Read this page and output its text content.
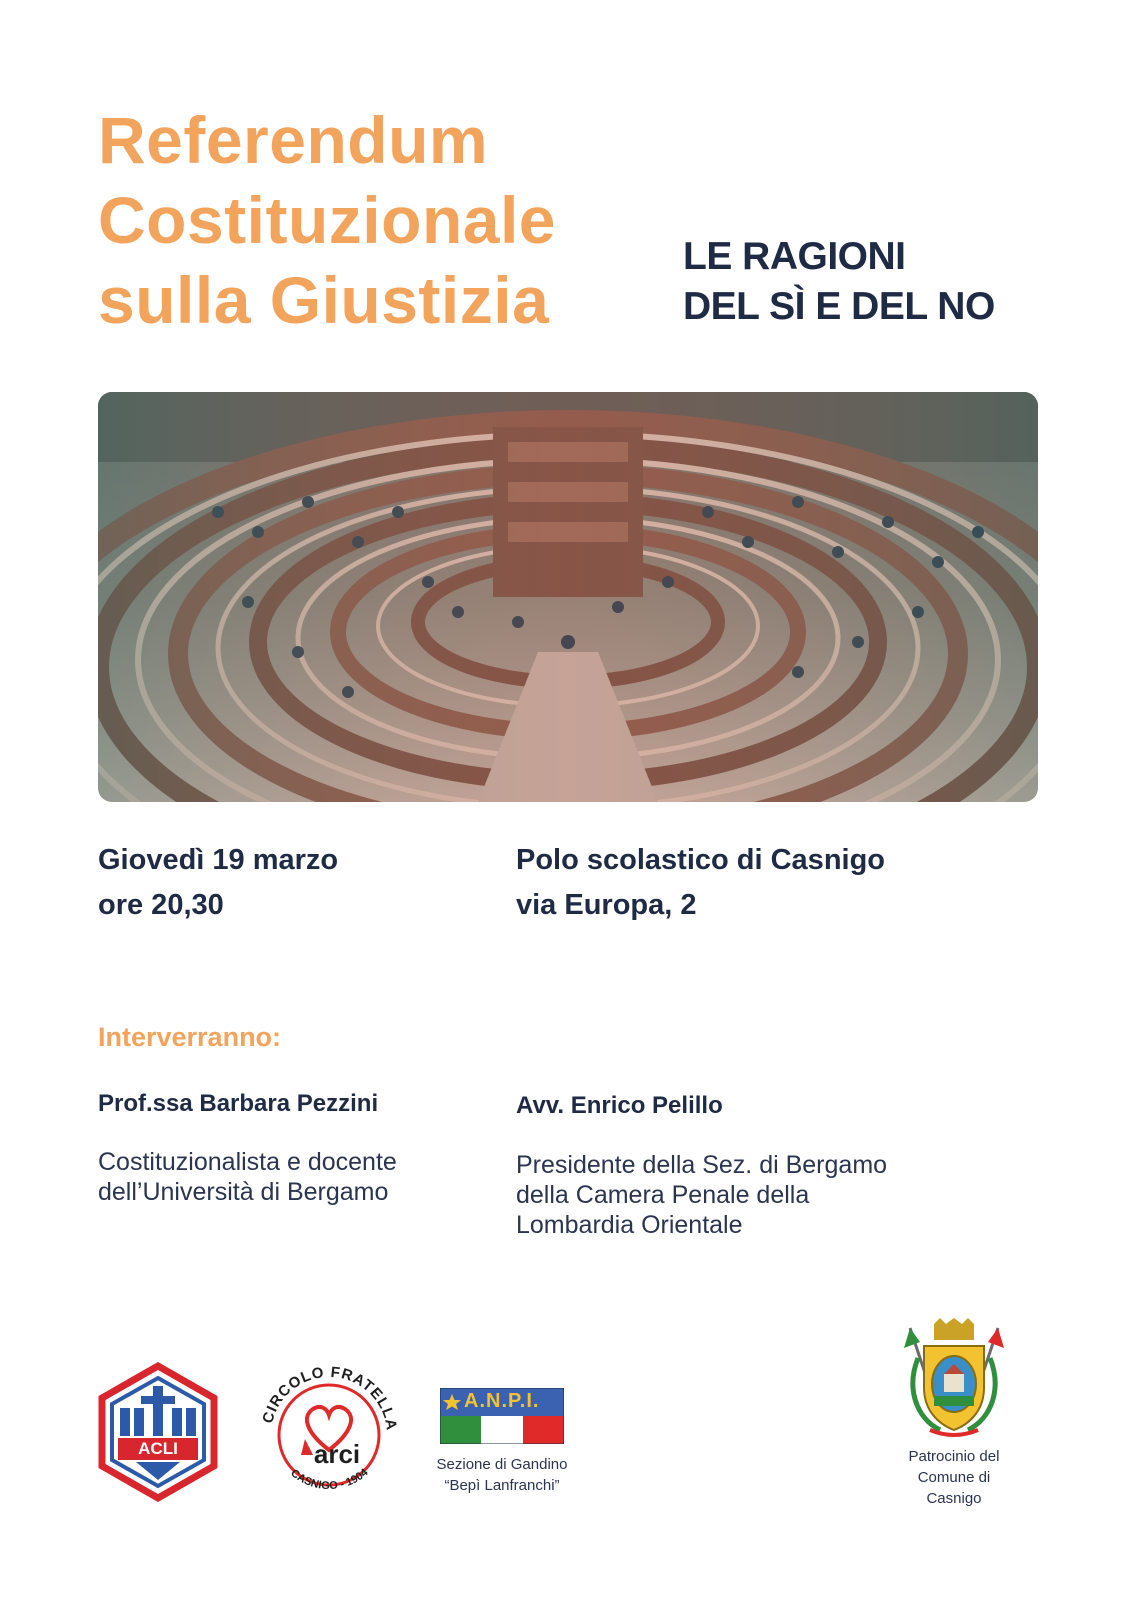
Referendum
Costituzionale
sulla Giustizia
LE RAGIONI
DEL SÌ E DEL NO
Giovedì 19 marzo
ore 20,30
Polo scolastico di Casnigo
via Europa, 2
Interverranno:
Prof.ssa Barbara Pezzini
Costituzionalista e docente
dell’Università di Bergamo
Avv. Enrico Pelillo
Presidente della Sez. di Bergamo
della Camera Penale della
Lombardia Orientale
ACLI
CIRCOLO FRATELLA
CASNIGO - 1904
arci
A.N.P.I.
Sezione di Gandino
“Bepì Lanfranchi”
Patrocinio del
Comune di
Casnigo
